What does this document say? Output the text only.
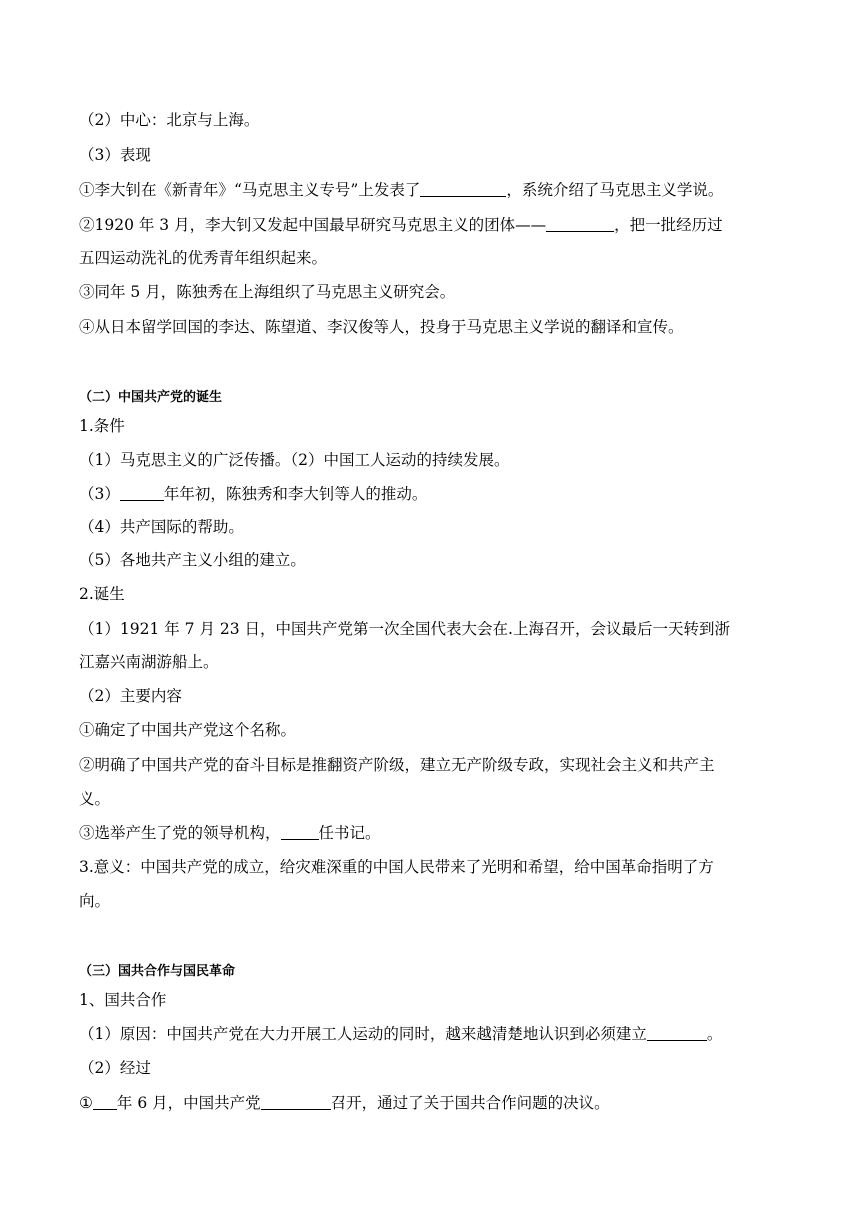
（2）中心：北京与上海。
（3）表现
①李大钊在《新青年》“马克思主义专号”上发表了	，系统介绍了马克思主义学说。
②1920 年 3 月，李大钊又发起中国最早研究马克思主义的团体——	，把一批经历过
五四运动洗礼的优秀青年组织起来。
③同年 5 月，陈独秀在上海组织了马克思主义研究会。
④从日本留学回国的李达、陈望道、李汉俊等人，投身于马克思主义学说的翻译和宣传。
（二）中国共产党的诞生
1.条件
（1）马克思主义的广泛传播。（2）中国工人运动的持续发展。
（3）	年年初，陈独秀和李大钊等人的推动。
（4）共产国际的帮助。
（5）各地共产主义小组的建立。
2.诞生
（1）1921 年 7 月 23 日，中国共产党第一次全国代表大会在.上海召开，会议最后一天转到浙
江嘉兴南湖游船上。
（2）主要内容
①确定了中国共产党这个名称。
②明确了中国共产党的奋斗目标是推翻资产阶级，建立无产阶级专政，实现社会主义和共产主
义。
③选举产生了党的领导机构， 任书记。
3.意义：中国共产党的成立，给灾难深重的中国人民带来了光明和希望，给中国革命指明了方
向。
（三）国共合作与国民革命
1、国共合作
（1）原因：中国共产党在大力开展工人运动的同时，越来越清楚地认识到必须建立	。
（2）经过
① 年 6 月，中国共产党	召开，通过了关于国共合作问题的决议。
